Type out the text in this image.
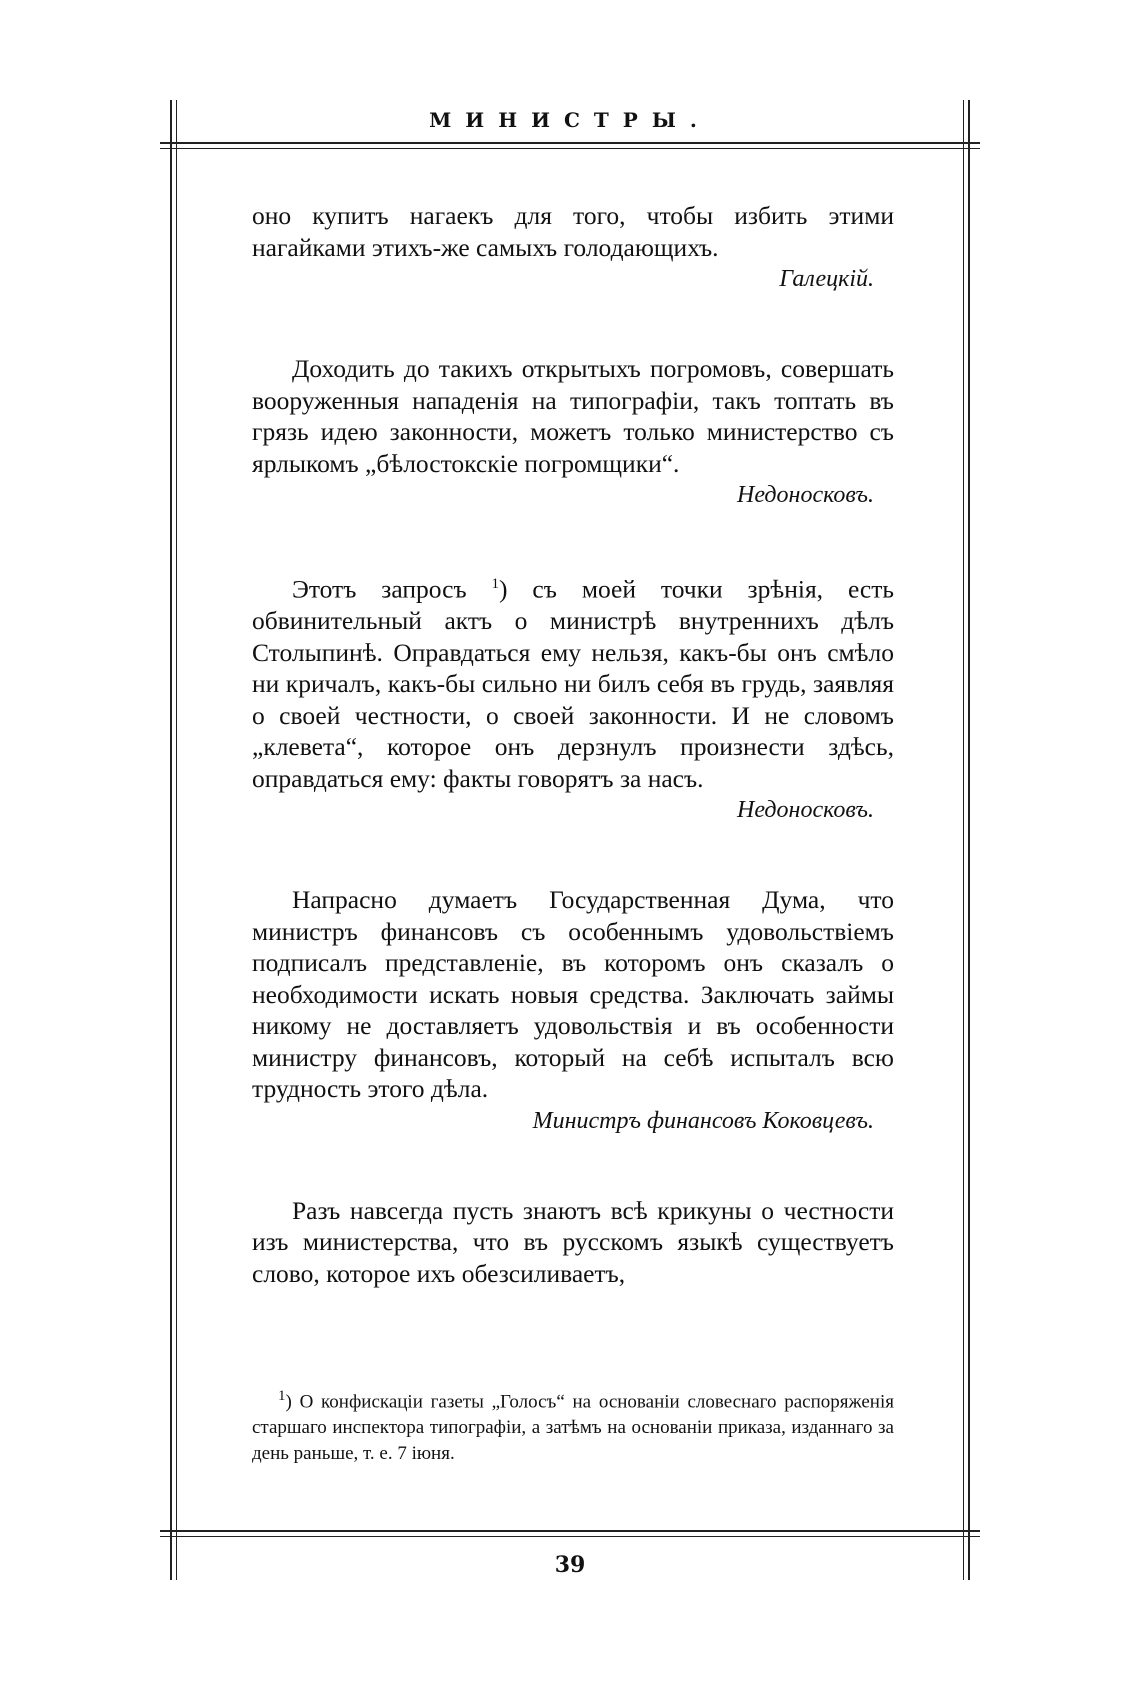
МИНИСТРЫ.

оно купитъ нагаекъ для того, чтобы избить этими нагайками этихъ-же самыхъ голодающихъ.

Галецкій.

Доходить до такихъ открытыхъ погромовъ, совершать вооруженныя нападенія на типографіи, такъ топтать въ грязь идею законности, можетъ только министерство съ ярлыкомъ „бѣлостокскіе погромщики“.

Недоносковъ.

Этотъ запросъ $^1$) съ моей точки зрѣнія, есть обвинительный актъ о министрѣ внутреннихъ дѣлъ Столыпинѣ. Оправдаться ему нельзя, какъ-бы онъ смѣло ни кричалъ, какъ-бы сильно ни билъ себя въ грудь, заявляя о своей честности, о своей законности. И не словомъ „клевета“, которое онъ дерзнулъ произнести здѣсь, оправдаться ему: факты говорятъ за насъ.

Недоносковъ.

Напрасно думаетъ Государственная Дума, что министръ финансовъ съ особеннымъ удовольствіемъ подписалъ представленіе, въ которомъ онъ сказалъ о необходимости искать новыя средства. Заключать займы никому не доставляетъ удовольствія и въ особенности министру финансовъ, который на себѣ испыталъ всю трудность этого дѣла.

Министръ финансовъ Коковцевъ.

Разъ навсегда пусть знаютъ всѣ крикуны о честности изъ министерства, что въ русскомъ языкѣ существуетъ слово, которое ихъ обезсиливаетъ,

$^1$) О конфискаціи газеты „Голосъ“ на основаніи словеснаго распоряженія старшаго инспектора типографіи, а затѣмъ на основаніи приказа, изданнаго за день раньше, т. е. 7 іюня.
39
